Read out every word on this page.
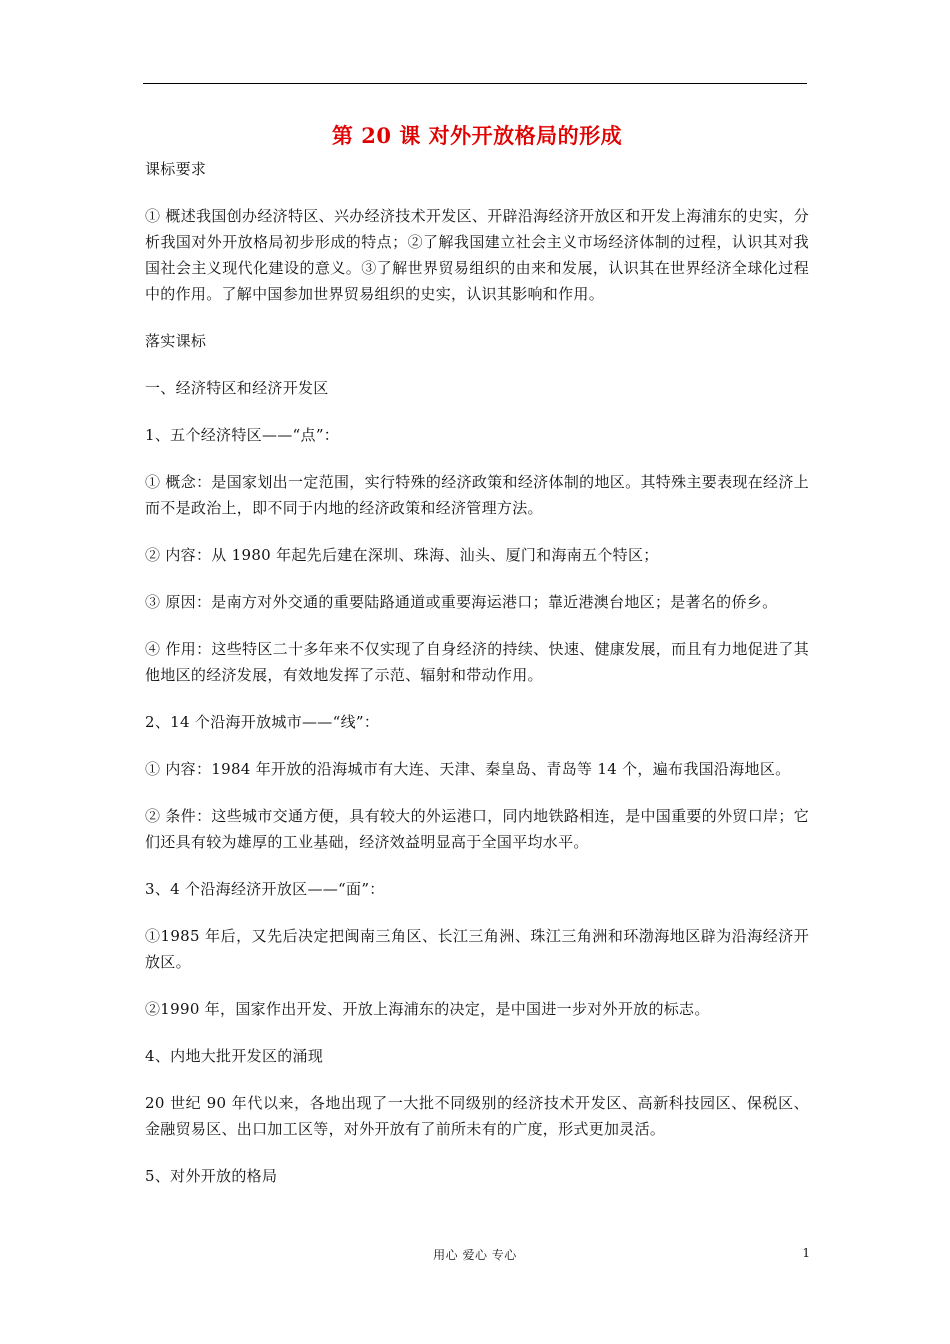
第 20 课 对外开放格局的形成

课标要求

① 概述我国创办经济特区、兴办经济技术开发区、开辟沿海经济开放区和开发上海浦东的史实，分析我国对外开放格局初步形成的特点；②了解我国建立社会主义市场经济体制的过程，认识其对我国社会主义现代化建设的意义。③了解世界贸易组织的由来和发展，认识其在世界经济全球化过程中的作用。了解中国参加世界贸易组织的史实，认识其影响和作用。

落实课标

一、经济特区和经济开发区

1、五个经济特区——“点”：

① 概念：是国家划出一定范围，实行特殊的经济政策和经济体制的地区。其特殊主要表现在经济上而不是政治上，即不同于内地的经济政策和经济管理方法。

② 内容：从 1980 年起先后建在深圳、珠海、汕头、厦门和海南五个特区；

③ 原因：是南方对外交通的重要陆路通道或重要海运港口；靠近港澳台地区；是著名的侨乡。

④ 作用：这些特区二十多年来不仅实现了自身经济的持续、快速、健康发展，而且有力地促进了其他地区的经济发展，有效地发挥了示范、辐射和带动作用。

2、14 个沿海开放城市——“线”：

① 内容：1984 年开放的沿海城市有大连、天津、秦皇岛、青岛等 14 个，遍布我国沿海地区。

② 条件：这些城市交通方便，具有较大的外运港口，同内地铁路相连，是中国重要的外贸口岸；它们还具有较为雄厚的工业基础，经济效益明显高于全国平均水平。

3、4 个沿海经济开放区——“面”：

①1985 年后，又先后决定把闽南三角区、长江三角洲、珠江三角洲和环渤海地区辟为沿海经济开放区。

②1990 年，国家作出开发、开放上海浦东的决定，是中国进一步对外开放的标志。

4、内地大批开发区的涌现

20 世纪 90 年代以来，各地出现了一大批不同级别的经济技术开发区、高新科技园区、保税区、金融贸易区、出口加工区等，对外开放有了前所未有的广度，形式更加灵活。

5、对外开放的格局

用心 爱心 专心	1
